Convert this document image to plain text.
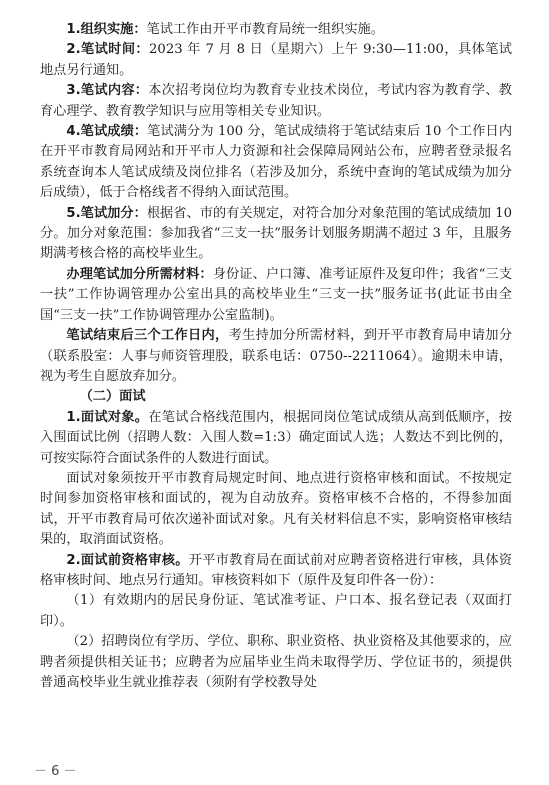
1.组织实施：笔试工作由开平市教育局统一组织实施。

2.笔试时间：2023 年 7 月 8 日（星期六）上午 9:30—11:00，具体笔试地点另行通知。

3.笔试内容：本次招考岗位均为教育专业技术岗位，考试内容为教育学、教育心理学、教育教学知识与应用等相关专业知识。

4.笔试成绩：笔试满分为 100 分，笔试成绩将于笔试结束后 10 个工作日内在开平市教育局网站和开平市人力资源和社会保障局网站公布，应聘者登录报名系统查询本人笔试成绩及岗位排名（若涉及加分，系统中查询的笔试成绩为加分后成绩），低于合格线者不得纳入面试范围。

5.笔试加分：根据省、市的有关规定，对符合加分对象范围的笔试成绩加 10 分。加分对象范围：参加我省“三支一扶”服务计划服务期满不超过 3 年，且服务期满考核合格的高校毕业生。

办理笔试加分所需材料：身份证、户口簿、准考证原件及复印件；我省“三支一扶”工作协调管理办公室出具的高校毕业生“三支一扶”服务证书(此证书由全国“三支一扶”工作协调管理办公室监制)。

笔试结束后三个工作日内，考生持加分所需材料，到开平市教育局申请加分（联系股室：人事与师资管理股，联系电话：0750--2211064）。逾期未申请，视为考生自愿放弃加分。

（二）面试

1.面试对象。在笔试合格线范围内，根据同岗位笔试成绩从高到低顺序，按入围面试比例（招聘人数：入围人数=1:3）确定面试人选；人数达不到比例的，可按实际符合面试条件的人数进行面试。

面试对象须按开平市教育局规定时间、地点进行资格审核和面试。不按规定时间参加资格审核和面试的，视为自动放弃。资格审核不合格的，不得参加面试，开平市教育局可依次递补面试对象。凡有关材料信息不实，影响资格审核结果的，取消面试资格。

2.面试前资格审核。开平市教育局在面试前对应聘者资格进行审核，具体资格审核时间、地点另行通知。审核资料如下（原件及复印件各一份）：

（1）有效期内的居民身份证、笔试准考证、户口本、报名登记表（双面打印）。

（2）招聘岗位有学历、学位、职称、职业资格、执业资格及其他要求的，应聘者须提供相关证书；应聘者为应届毕业生尚未取得学历、学位证书的，须提供普通高校毕业生就业推荐表（须附有学校教导处

－ 6 －
